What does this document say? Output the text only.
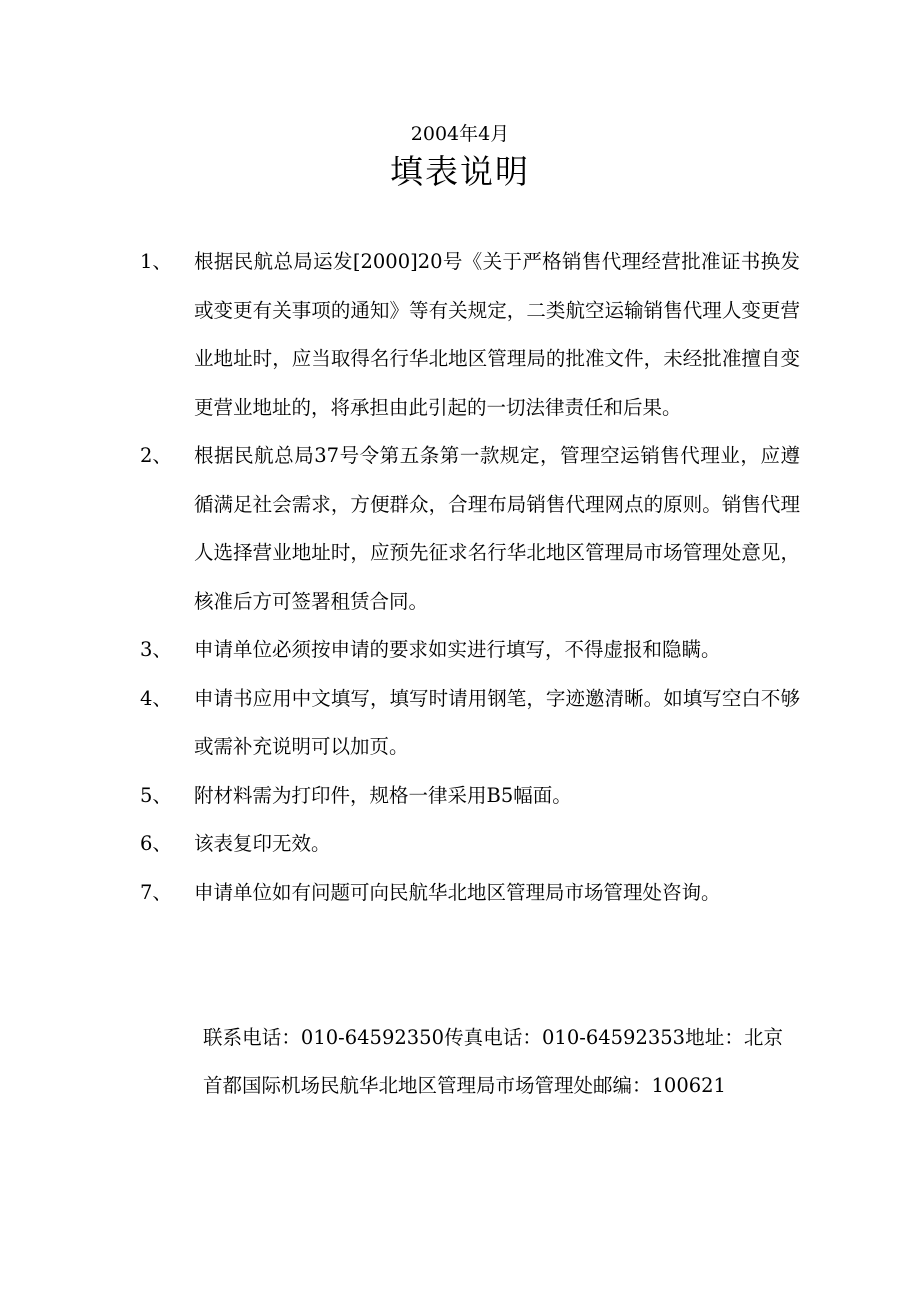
2004年4月
填表说明
1、 根据民航总局运发[2000]20号《关于严格销售代理经营批准证书换发或变更有关事项的通知》等有关规定，二类航空运输销售代理人变更营业地址时，应当取得名行华北地区管理局的批准文件，未经批准擅自变更营业地址的，将承担由此引起的一切法律责任和后果。
2、 根据民航总局37号令第五条第一款规定，管理空运销售代理业，应遵循满足社会需求，方便群众，合理布局销售代理网点的原则。销售代理人选择营业地址时，应预先征求名行华北地区管理局市场管理处意见，核准后方可签署租赁合同。
3、 申请单位必须按申请的要求如实进行填写，不得虚报和隐瞒。
4、 申请书应用中文填写，填写时请用钢笔，字迹邀清晰。如填写空白不够或需补充说明可以加页。
5、 附材料需为打印件，规格一律采用B5幅面。
6、 该表复印无效。
7、 申请单位如有问题可向民航华北地区管理局市场管理处咨询。
联系电话：010-64592350传真电话：010-64592353地址：北京首都国际机场民航华北地区管理局市场管理处邮编：100621
